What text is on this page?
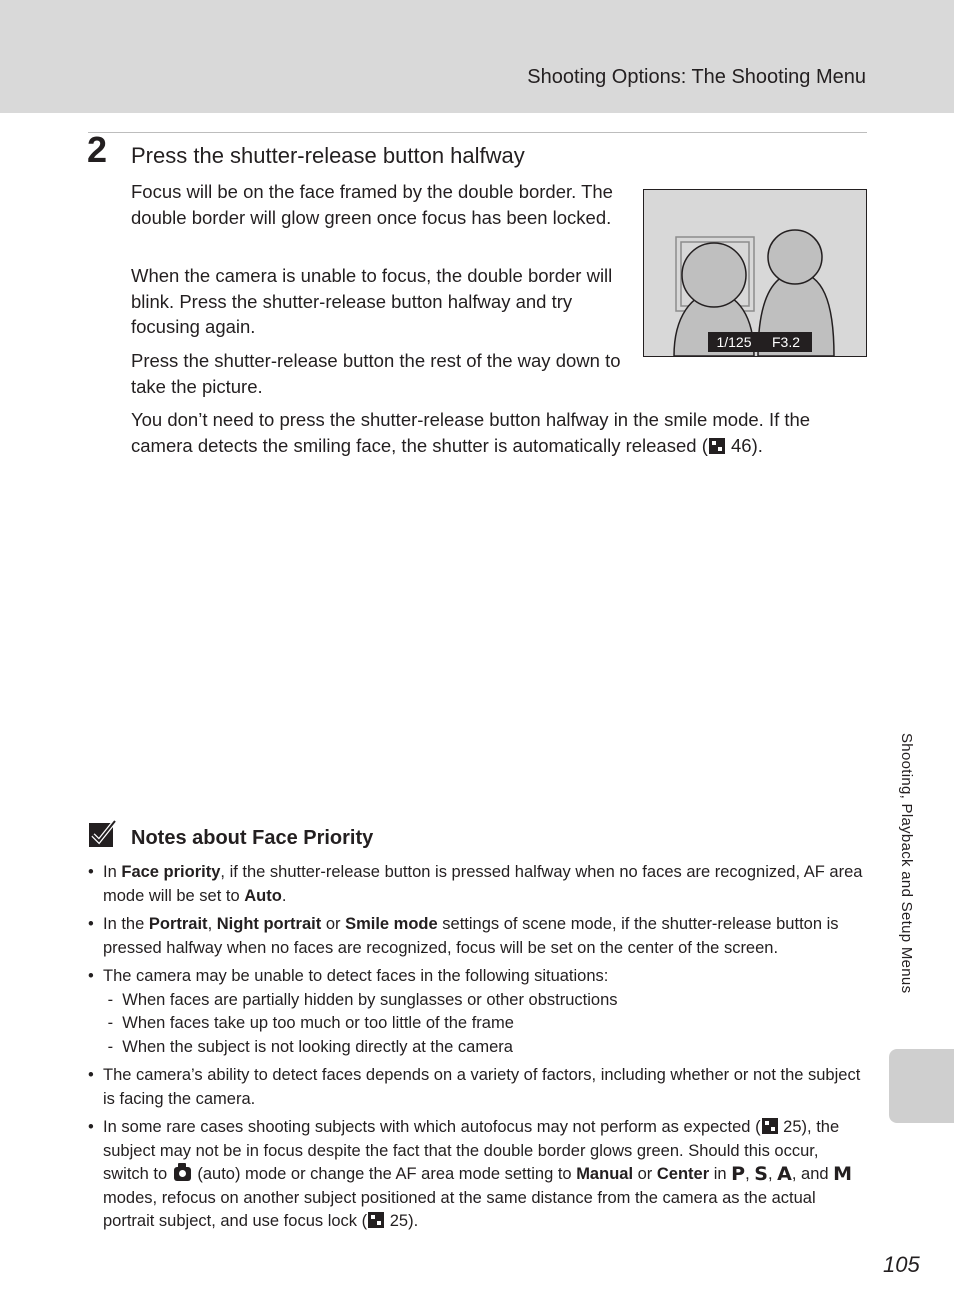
Shooting Options: The Shooting Menu
2 Press the shutter-release button halfway

Focus will be on the face framed by the double border. The double border will glow green once focus has been locked.

When the camera is unable to focus, the double border will blink. Press the shutter-release button halfway and try focusing again.

Press the shutter-release button the rest of the way down to take the picture.

You don’t need to press the shutter-release button halfway in the smile mode. If the camera detects the smiling face, the shutter is automatically released ( 46).

1/125 F3.2
Notes about Face Priority
• In Face priority, if the shutter-release button is pressed halfway when no faces are recognized, AF area mode will be set to Auto.
• In the Portrait, Night portrait or Smile mode settings of scene mode, if the shutter-release button is pressed halfway when no faces are recognized, focus will be set on the center of the screen.
• The camera may be unable to detect faces in the following situations:
-  When faces are partially hidden by sunglasses or other obstructions
-  When faces take up too much or too little of the frame
-  When the subject is not looking directly at the camera
• The camera’s ability to detect faces depends on a variety of factors, including whether or not the subject is facing the camera.
• In some rare cases shooting subjects with which autofocus may not perform as expected ( 25), the subject may not be in focus despite the fact that the double border glows green. Should this occur, switch to  (auto) mode or change the AF area mode setting to Manual or Center in P, S, A, and M modes, refocus on another subject positioned at the same distance from the camera as the actual portrait subject, and use focus lock ( 25).
Shooting, Playback and Setup Menus
105
